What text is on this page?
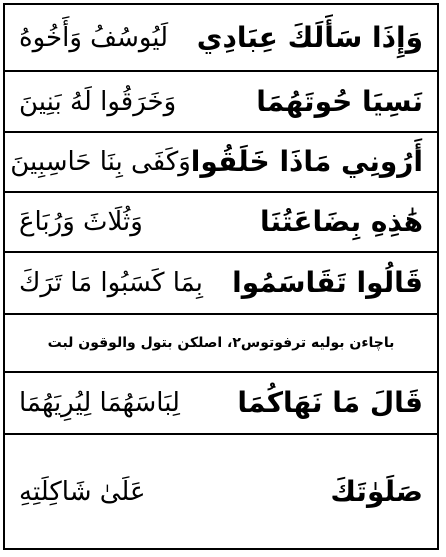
وَإِذَا سَأَلَكَ عِبَادِي
لَيُوسُفُ وَأَخُوهُ
نَسِيَا حُوتَهُمَا
وَخَرَقُوا لَهُ بَنِينَ
أَرُونِي مَاذَا خَلَقُوا
وَكَفَى بِنَا حَاسِبِينَ
هَٰذِهِ بِضَاعَتُنَا
وَثُلَاثَ وَرُبَاعَ
قَالُوا تَقَاسَمُوا
بِمَا كَسَبُوا مَا تَرَكَ
باچاءن بوليه ترفوتوس٢، اصلكن بتول والوقون لبت
قَالَ مَا نَهَاكُمَا
لِبَاسَهُمَا لِيُرِيَهُمَا
صَلَوٰتَكَ
عَلَىٰ شَاكِلَتِهِ
